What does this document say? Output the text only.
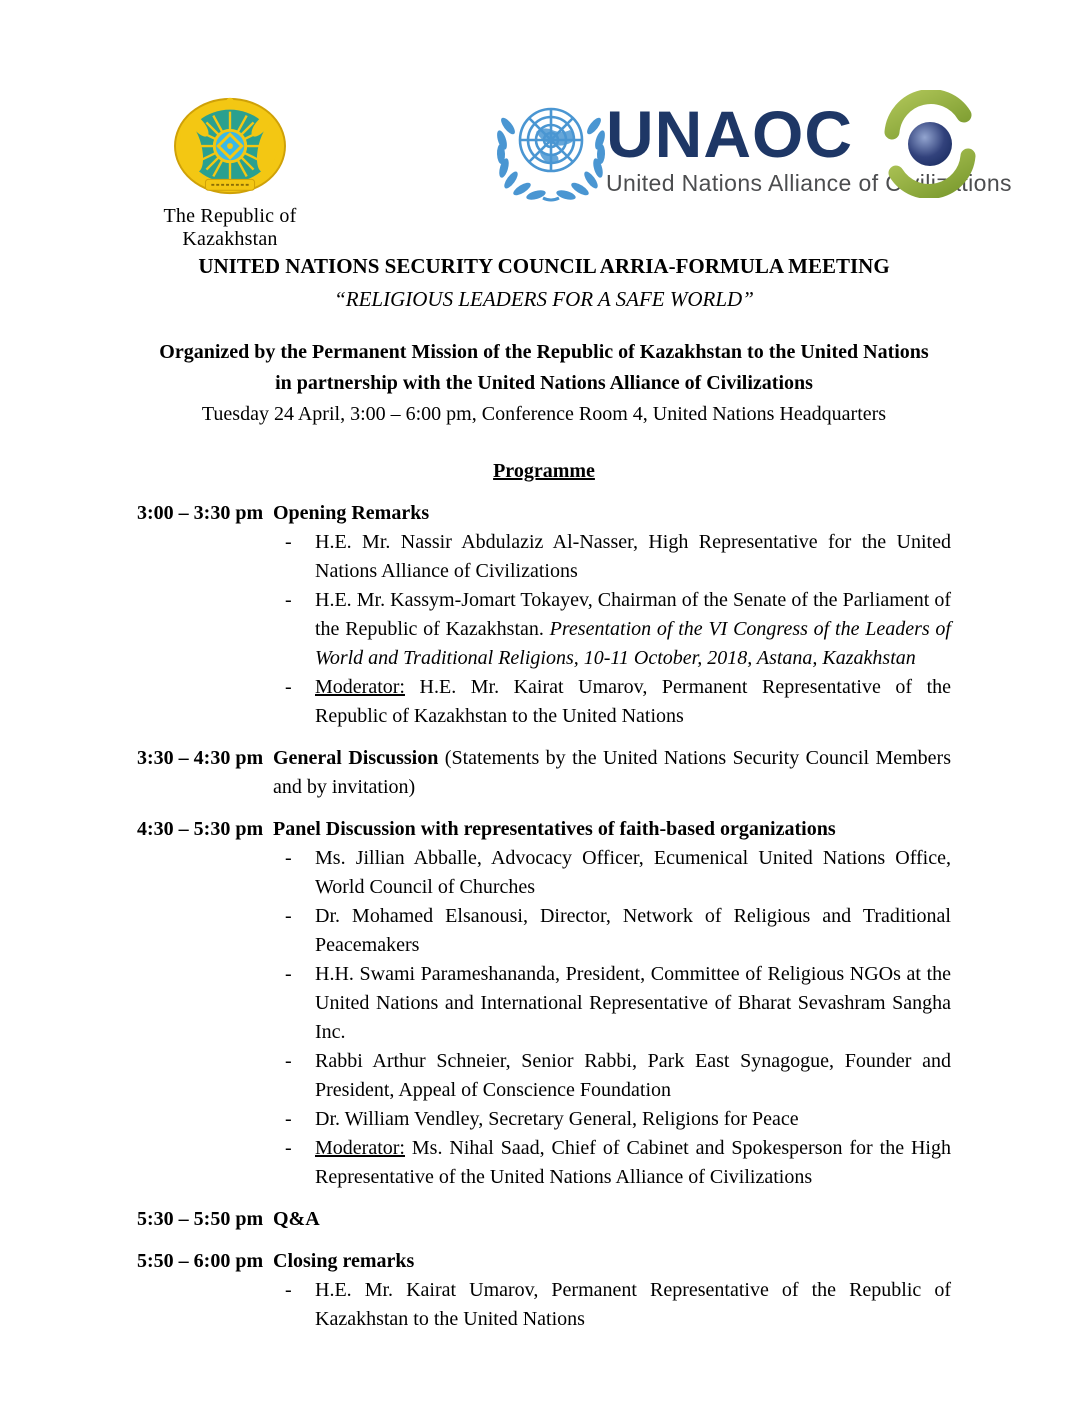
The Republic of Kazakhstan
UNAOC
United Nations Alliance of Civilizations
UNITED NATIONS SECURITY COUNCIL ARRIA-FORMULA MEETING
“RELIGIOUS LEADERS FOR A SAFE WORLD”
Organized by the Permanent Mission of the Republic of Kazakhstan to the United Nations
in partnership with the United Nations Alliance of Civilizations
Tuesday 24 April, 3:00 – 6:00 pm, Conference Room 4, United Nations Headquarters
Programme
3:00 – 3:30 pm Opening Remarks
-	H.E. Mr. Nassir Abdulaziz Al-Nasser, High Representative for the United Nations Alliance of Civilizations
-	H.E. Mr. Kassym-Jomart Tokayev, Chairman of the Senate of the Parliament of the Republic of Kazakhstan. Presentation of the VI Congress of the Leaders of World and Traditional Religions, 10-11 October, 2018, Astana, Kazakhstan
-	Moderator: H.E. Mr. Kairat Umarov, Permanent Representative of the Republic of Kazakhstan to the United Nations
3:30 – 4:30 pm General Discussion (Statements by the United Nations Security Council Members and by invitation)
4:30 – 5:30 pm Panel Discussion with representatives of faith-based organizations
-	Ms. Jillian Abballe, Advocacy Officer, Ecumenical United Nations Office, World Council of Churches
-	Dr. Mohamed Elsanousi, Director, Network of Religious and Traditional Peacemakers
-	H.H. Swami Parameshananda, President, Committee of Religious NGOs at the United Nations and International Representative of Bharat Sevashram Sangha Inc.
-	Rabbi Arthur Schneier, Senior Rabbi, Park East Synagogue, Founder and President, Appeal of Conscience Foundation
-	Dr. William Vendley, Secretary General, Religions for Peace
-	Moderator: Ms. Nihal Saad, Chief of Cabinet and Spokesperson for the High Representative of the United Nations Alliance of Civilizations
5:30 – 5:50 pm Q&A
5:50 – 6:00 pm Closing remarks
-	H.E. Mr. Kairat Umarov, Permanent Representative of the Republic of Kazakhstan to the United Nations
